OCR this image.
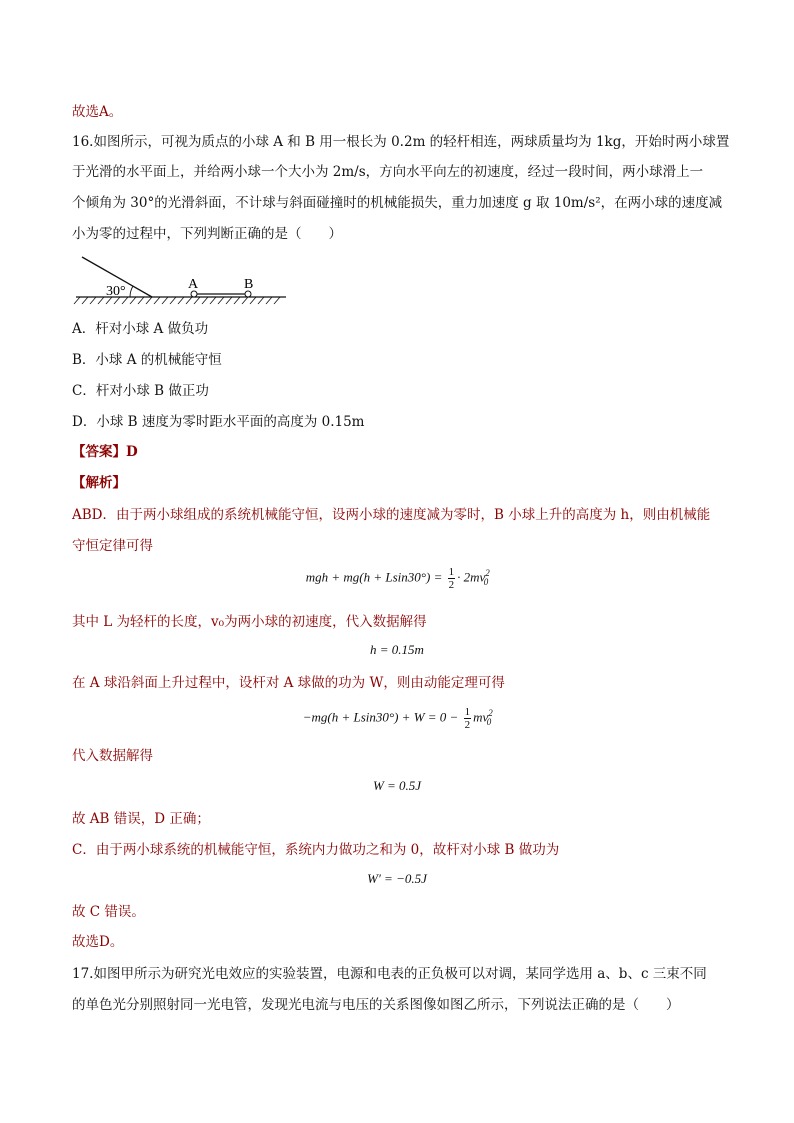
故选A。
16.如图所示，可视为质点的小球 A 和 B 用一根长为 0.2m 的轻杆相连，两球质量均为 1kg，开始时两小球置
于光滑的水平面上，并给两小球一个大小为 2m/s，方向水平向左的初速度，经过一段时间，两小球滑上一
个倾角为 30°的光滑斜面，不计球与斜面碰撞时的机械能损失，重力加速度 g 取 10m/s²，在两小球的速度减
小为零的过程中，下列判断正确的是（　　）
30°	A	B
A．杆对小球 A 做负功
B．小球 A 的机械能守恒
C．杆对小球 B 做正功
D．小球 B 速度为零时距水平面的高度为 0.15m
【答案】D
【解析】
ABD．由于两小球组成的系统机械能守恒，设两小球的速度减为零时，B 小球上升的高度为 h，则由机械能
守恒定律可得
mgh + $mg(h + Lsin30^\circ) = \frac{1}{2} \cdot 2mv^2_0$
其中 L 为轻杆的长度，v₀为两小球的初速度，代入数据解得
h = 0.15m
在 A 球沿斜面上升过程中，设杆对 A 球做的功为 W，则由动能定理可得
$-mg(h + Lsin30^\circ) + W = 0 - \frac{1}{2} mv^2_0$
代入数据解得
W = 0.5J
故 AB 错误，D 正确；
C．由于两小球系统的机械能守恒，系统内力做功之和为 0，故杆对小球 B 做功为
W′ = −0.5J
故 C 错误。
故选D。
17.如图甲所示为研究光电效应的实验装置，电源和电表的正负极可以对调，某同学选用 a、b、c 三束不同
的单色光分别照射同一光电管，发现光电流与电压的关系图像如图乙所示，下列说法正确的是（　　）
